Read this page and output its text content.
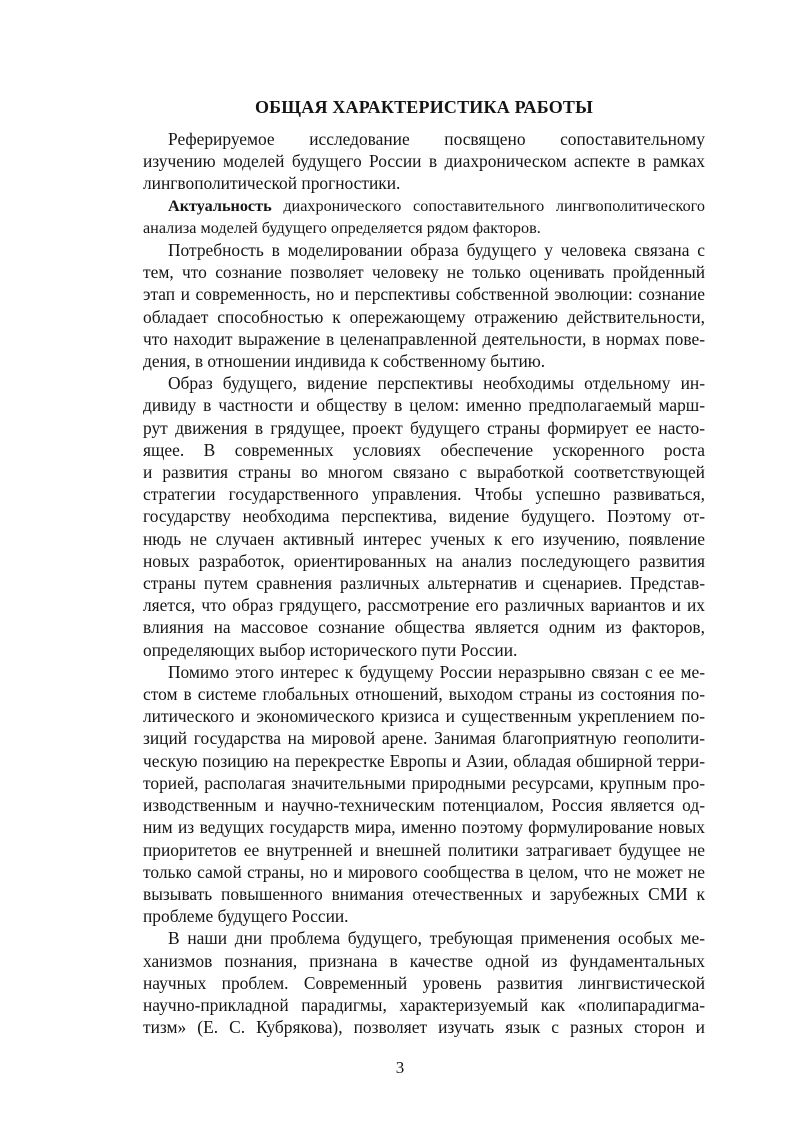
ОБЩАЯ ХАРАКТЕРИСТИКА РАБОТЫ

Реферируемое исследование посвящено сопоставительному
изучению моделей будущего России в диахроническом аспекте в рамках
лингвополитической прогностики.

Актуальность диахронического сопоставительного лингвополитического
анализа моделей будущего определяется рядом факторов.

Потребность в моделировании образа будущего у человека связана с
тем, что сознание позволяет человеку не только оценивать пройденный
этап и современность, но и перспективы собственной эволюции: сознание
обладает способностью к опережающему отражению действительности,
что находит выражение в целенаправленной деятельности, в нормах пове-
дения, в отношении индивида к собственному бытию.

Образ будущего, видение перспективы необходимы отдельному ин-
дивиду в частности и обществу в целом: именно предполагаемый марш-
рут движения в грядущее, проект будущего страны формирует ее насто-
ящее. В современных условиях обеспечение ускоренного роста
и развития страны во многом связано с выработкой соответствующей
стратегии государственного управления. Чтобы успешно развиваться,
государству необходима перспектива, видение будущего. Поэтому от-
нюдь не случаен активный интерес ученых к его изучению, появление
новых разработок, ориентированных на анализ последующего развития
страны путем сравнения различных альтернатив и сценариев. Представ-
ляется, что образ грядущего, рассмотрение его различных вариантов и их
влияния на массовое сознание общества является одним из факторов,
определяющих выбор исторического пути России.

Помимо этого интерес к будущему России неразрывно связан с ее ме-
стом в системе глобальных отношений, выходом страны из состояния по-
литического и экономического кризиса и существенным укреплением по-
зиций государства на мировой арене. Занимая благоприятную геополити-
ческую позицию на перекрестке Европы и Азии, обладая обширной терри-
торией, располагая значительными природными ресурсами, крупным про-
изводственным и научно-техническим потенциалом, Россия является од-
ним из ведущих государств мира, именно поэтому формулирование новых
приоритетов ее внутренней и внешней политики затрагивает будущее не
только самой страны, но и мирового сообщества в целом, что не может не
вызывать повышенного внимания отечественных и зарубежных СМИ к
проблеме будущего России.

В наши дни проблема будущего, требующая применения особых ме-
ханизмов познания, признана в качестве одной из фундаментальных
научных проблем. Современный уровень развития лингвистической
научно-прикладной парадигмы, характеризуемый как «полипарадигма-
тизм» (Е. С. Кубрякова), позволяет изучать язык с разных сторон и

3
